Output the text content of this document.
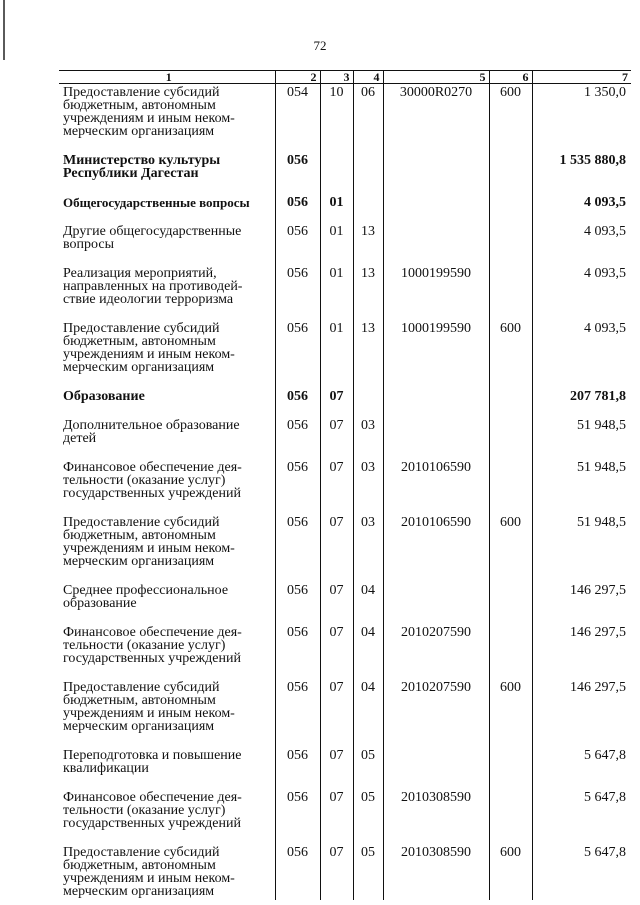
72
1	2	3	4	5	6	7
Предоставление субсидий бюджетным, автономным учреждениям и иным неком-мерческим организациям	054	10	06	30000R0270	600	1 350,0
Министерство культуры Республики Дагестан	056					1 535 880,8
Общегосударственные вопросы	056	01				4 093,5
Другие общегосударственные вопросы	056	01	13			4 093,5
Реализация мероприятий, направленных на противодей-ствие идеологии терроризма	056	01	13	1000199590		4 093,5
Предоставление субсидий бюджетным, автономным учреждениям и иным неком-мерческим организациям	056	01	13	1000199590	600	4 093,5
Образование	056	07				207 781,8
Дополнительное образование детей	056	07	03			51 948,5
Финансовое обеспечение дея-тельности (оказание услуг) государственных учреждений	056	07	03	2010106590		51 948,5
Предоставление субсидий бюджетным, автономным учреждениям и иным неком-мерческим организациям	056	07	03	2010106590	600	51 948,5
Среднее профессиональное образование	056	07	04			146 297,5
Финансовое обеспечение дея-тельности (оказание услуг) государственных учреждений	056	07	04	2010207590		146 297,5
Предоставление субсидий бюджетным, автономным учреждениям и иным неком-мерческим организациям	056	07	04	2010207590	600	146 297,5
Переподготовка и повышение квалификации	056	07	05			5 647,8
Финансовое обеспечение дея-тельности (оказание услуг) государственных учреждений	056	07	05	2010308590		5 647,8
Предоставление субсидий бюджетным, автономным учреждениям и иным неком-мерческим организациям	056	07	05	2010308590	600	5 647,8
